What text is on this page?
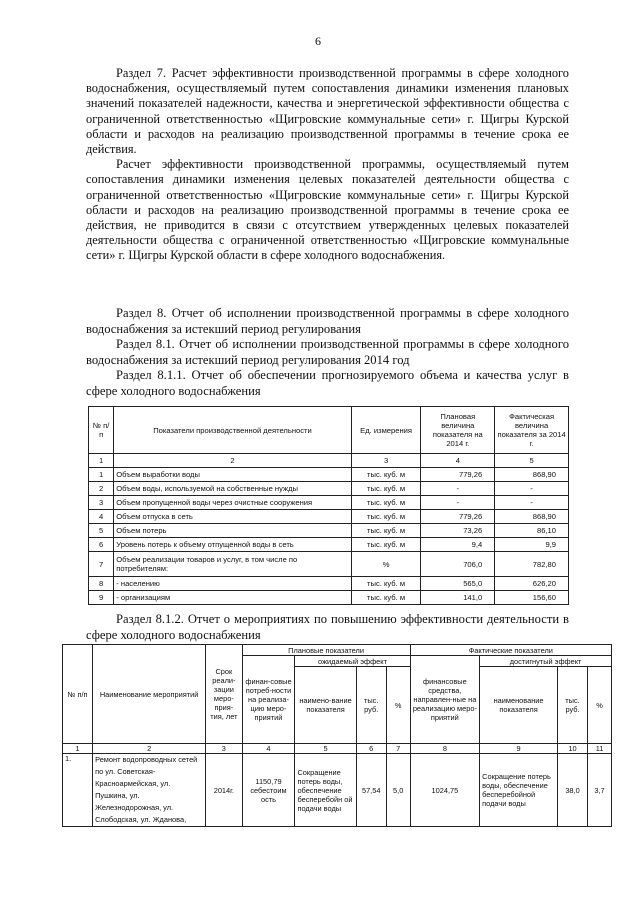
6

Раздел 7. Расчет эффективности производственной программы в сфере холодного водоснабжения, осуществляемый путем сопоставления динамики изменения плановых значений показателей надежности, качества и энергетической эффективности общества с ограниченной ответственностью «Щигровские коммунальные сети» г. Щигры Курской области и расходов на реализацию производственной программы в течение срока ее действия.

Расчет эффективности производственной программы, осуществляемый путем сопоставления динамики изменения целевых показателей деятельности общества с ограниченной ответственностью «Щигровские коммунальные сети» г. Щигры Курской области и расходов на реализацию производственной программы в течение срока ее действия, не приводится в связи с отсутствием утвержденных целевых показателей деятельности общества с ограниченной ответственностью «Щигровские коммунальные сети» г. Щигры Курской области в сфере холодного водоснабжения.

Раздел 8. Отчет об исполнении производственной программы в сфере холодного водоснабжения за истекший период регулирования

Раздел 8.1. Отчет об исполнении производственной программы в сфере холодного водоснабжения за истекший период регулирования 2014 год

Раздел 8.1.1. Отчет об обеспечении прогнозируемого объема и качества услуг в сфере холодного водоснабжения

№ п/п	Показатели производственной деятельности	Ед. измерения	Плановая величина показателя на 2014 г.	Фактическая величина показателя за 2014 г.
1	2	3	4	5
1	Объем выработки воды	тыс. куб. м	779,26	868,90
2	Объем воды, используемой на собственные нужды	тыс. куб. м	-	-
3	Объем пропущенной воды через очистные сооружения	тыс. куб. м	-	-
4	Объем отпуска в сеть	тыс. куб. м	779,26	868,90
5	Объем потерь	тыс. куб. м	73,26	86,10
6	Уровень потерь к объему отпущенной воды в сеть	тыс. куб. м	9,4	9,9
7	Объем реализации товаров и услуг, в том числе по потребителям:	%	706,0	782,80
8	- населению	тыс. куб. м	565,0	626,20
9	- организациям	тыс. куб. м	141,0	156,60

Раздел 8.1.2. Отчет о мероприятиях по повышению эффективности деятельности в сфере холодного водоснабжения

№ п/п	Наименование мероприятий	Срок реали-зации меро-прия-тия, лет	Плановые показатели				Фактические показатели			
			финан-совые потреб-ности на реализа-цию меро-приятий	ожидаемый эффект			финансовые средства, направлен-ные на реализацию меро-приятий	достигнутый эффект		
				наимено-вание показателя	тыс. руб.	%		наименование показателя	тыс. руб.	%
1	2	3	4	5	6	7	8	9	10	11
1.	Ремонт водопроводных сетей по ул. Советская-Красноармейская, ул. Пушкина, ул. Железнодорожная, ул. Слободская, ул. Жданова,	2014г.	1150,79 себестоим ость	Сокращение потерь воды, обеспечение бесперебойн ой подачи воды	57,54	5,0	1024,75	Сокращение потерь воды, обеспечение бесперебойной подачи воды	38,0	3,7
